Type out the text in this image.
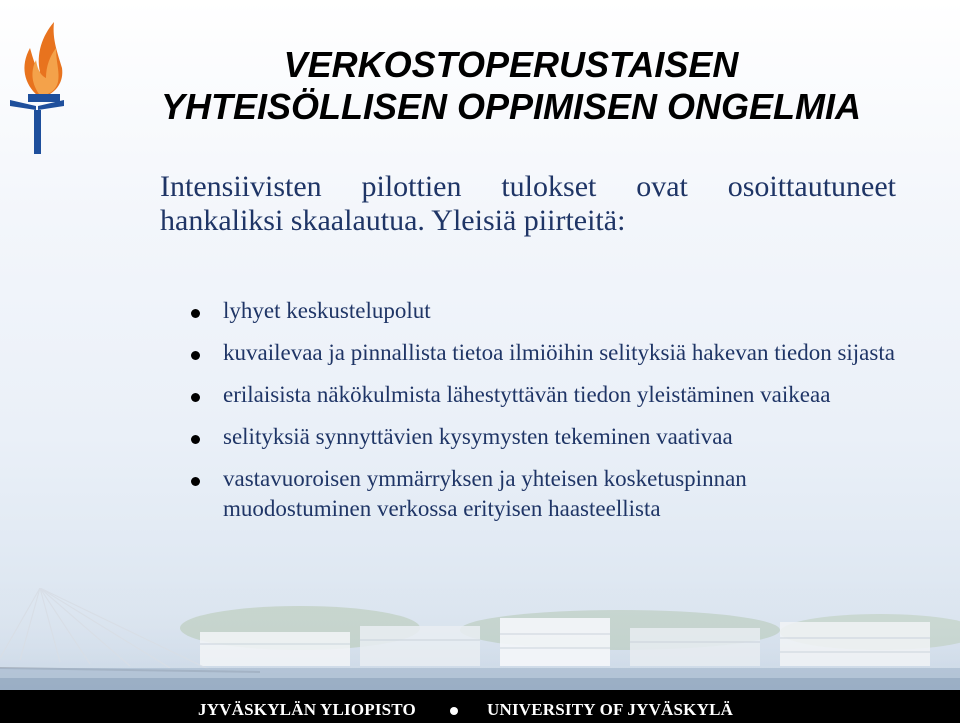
VERKOSTOPERUSTAISEN
YHTEISÖLLISEN OPPIMISEN ONGELMIA

Intensiivisten pilottien tulokset ovat osoittautuneet hankaliksi skaalautua. Yleisiä piirteitä:

lyhyet keskustelupolut
kuvailevaa ja pinnallista tietoa ilmiöihin selityksiä hakevan tiedon sijasta
erilaisista näkökulmista lähestyttävän tiedon yleistäminen vaikeaa
selityksiä synnyttävien kysymysten tekeminen vaativaa
vastavuoroisen ymmärryksen ja yhteisen kosketuspinnan muodostuminen verkossa erityisen haasteellista
JYVÄSKYLÄN YLIOPISTO	UNIVERSITY OF JYVÄSKYLÄ
